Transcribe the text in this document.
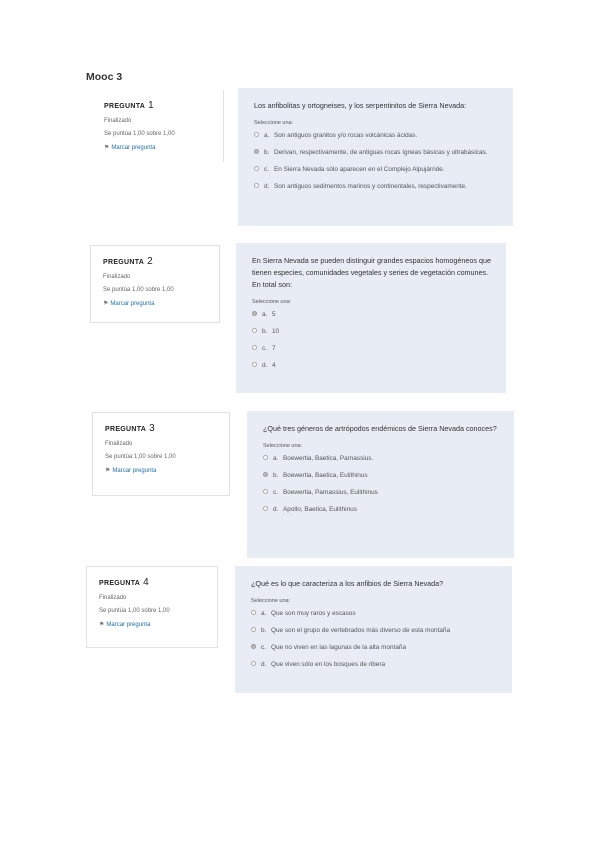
Mooc 3
PREGUNTA 1
Finalizado
Se puntúa 1,00 sobre 1,00
⚑ Marcar pregunta
Los anfibolitas y ortogneises, y los serpentinitos de Sierra Nevada:
Seleccione una:
a. Son antiguos granitos y/o rocas volcánicas ácidas.
b. Derivan, respectivamente, de antiguas rocas ígneas básicas y ultrabásicas.
c. En Sierra Nevada sólo aparecen en el Complejo Alpujárride.
d. Son antiguos sedimentos marinos y continentales, respectivamente.
PREGUNTA 2
Finalizado
Se puntúa 1,00 sobre 1,00
⚑ Marcar pregunta
En Sierra Nevada se pueden distinguir grandes espacios homogéneos que tienen especies, comunidades vegetales y series de vegetación comunes. En total son:
Seleccione una:
a. 5
b. 10
c. 7
d. 4
PREGUNTA 3
Finalizado
Se puntúa 1,00 sobre 1,00
⚑ Marcar pregunta
¿Qué tres géneros de artrópodos endémicos de Sierra Nevada conoces?
Seleccione una:
a. Boewertia, Baetica, Parnassius.
b. Boewertia, Baetica, Eulithinus
c. Boewertia, Parnassius, Eulithinus
d. Apollo, Baetica, Eulithinus
PREGUNTA 4
Finalizado
Se puntúa 1,00 sobre 1,00
⚑ Marcar pregunta
¿Qué es lo que caracteriza a los anfibios de Sierra Nevada?
Seleccione una:
a. Que son muy raros y escasos
b. Que son el grupo de vertebrados más diverso de esta montaña
c. Que no viven en las lagunas de la alta montaña
d. Que viven sólo en los bosques de ribera
